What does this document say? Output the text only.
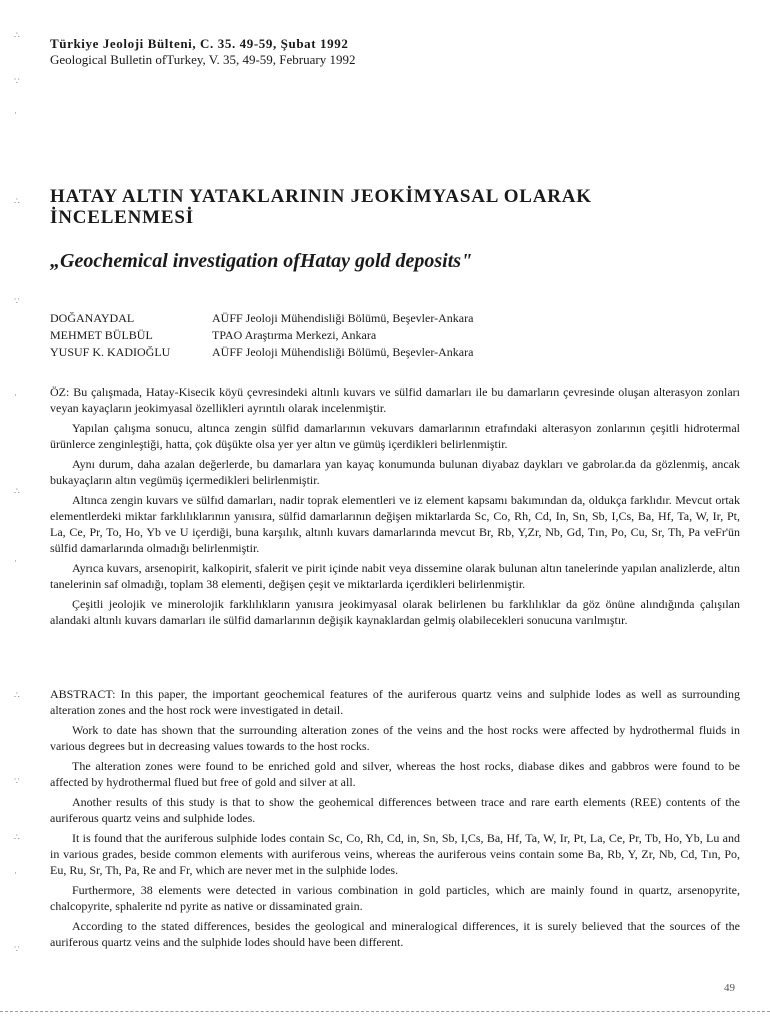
∴
∵
·
∴
∵
·
∴
·
∴
∵
∴
·
∵
Türkiye Jeoloji Bülteni, C. 35. 49-59, Şubat 1992
Geological Bulletin ofTurkey, V. 35, 49-59, February 1992
HATAY ALTIN YATAKLARININ JEOKİMYASAL OLARAK İNCELENMESİ
„Geochemical investigation ofHatay gold deposits"
DOĞANAYDAL	AÜFF Jeoloji Mühendisliği Bölümü, Beşevler-Ankara
MEHMET BÜLBÜL	TPAO Araştırma Merkezi, Ankara
YUSUF K. KADIOĞLU	AÜFF Jeoloji Mühendisliği Bölümü, Beşevler-Ankara

ÖZ: Bu çalışmada, Hatay-Kisecik köyü çevresindeki altınlı kuvars ve sülfid damarları ile bu damarların çevresinde oluşan alterasyon zonları veyan kayaçların jeokimyasal özellikleri ayrıntılı olarak incelenmiştir.

Yapılan çalışma sonucu, altınca zengin sülfid damarlarının vekuvars damarlarının etrafındaki alterasyon zonlarının çeşitli hidrotermal ürünlerce zenginleştiği, hatta, çok düşükte olsa yer yer altın ve gümüş içerdikleri belirlenmiştir.

Aynı durum, daha azalan değerlerde, bu damarlara yan kayaç konumunda bulunan diyabaz daykları ve gabrolar.da da gözlenmiş, ancak bukayaçların altın vegümüş içermedikleri belirlenmiştir.

Altınca zengin kuvars ve sülfıd damarları, nadir toprak elementleri ve iz element kapsamı bakımından da, oldukça farklıdır. Mevcut ortak elementlerdeki miktar farklılıklarının yanısıra, sülfid damarlarının değişen miktarlarda Sc, Co, Rh, Cd, In, Sn, Sb, I,Cs, Ba, Hf, Ta, W, Ir, Pt, La, Ce, Pr, To, Ho, Yb ve U içerdiği, buna karşılık, altınlı kuvars damarlarında mevcut Br, Rb, Y,Zr, Nb, Gd, Tın, Po, Cu, Sr, Th, Pa veFr'ün sülfid damarlarında olmadığı belirlenmiştir.

Ayrıca kuvars, arsenopirit, kalkopirit, sfalerit ve pirit içinde nabit veya dissemine olarak bulunan altın tanelerinde yapılan analizlerde, altın tanelerinin saf olmadığı, toplam 38 elementi, değişen çeşit ve miktarlarda içerdikleri belirlenmiştir.

Çeşitli jeolojik ve minerolojik farklılıkların yanısıra jeokimyasal olarak belirlenen bu farklılıklar da göz önüne alındığında çalışılan alandaki altınlı kuvars damarları ile sülfid damarlarının değişik kaynaklardan gelmiş olabilecekleri sonucuna varılmıştır.

ABSTRACT: In this paper, the important geochemical features of the auriferous quartz veins and sulphide lodes as well as surrounding alteration zones and the host rock were investigated in detail.

Work to date has shown that the surrounding alteration zones of the veins and the host rocks were affected by hydrothermal fluids in various degrees but in decreasing values towards to the host rocks.

The alteration zones were found to be enriched gold and silver, whereas the host rocks, diabase dikes and gabbros were found to be affected by hydrothermal flued but free of gold and silver at all.

Another results of this study is that to show the geohemical differences between trace and rare earth elements (REE) contents of the auriferous quartz veins and sulphide lodes.

It is found that the auriferous sulphide lodes contain Sc, Co, Rh, Cd, in, Sn, Sb, I,Cs, Ba, Hf, Ta, W, Ir, Pt, La, Ce, Pr, Tb, Ho, Yb, Lu and in various grades, beside common elements with auriferous veins, whereas the auriferous veins contain some Ba, Rb, Y, Zr, Nb, Cd, Tın, Po, Eu, Ru, Sr, Th, Pa, Re and Fr, which are never met in the sulphide lodes.

Furthermore, 38 elements were detected in various combination in gold particles, which are mainly found in quartz, arsenopyrite, chalcopyrite, sphalerite nd pyrite as native or dissaminated grain.

According to the stated differences, besides the geological and mineralogical differences, it is surely believed that the sources of the auriferous quartz veins and the sulphide lodes should have been different.

49
